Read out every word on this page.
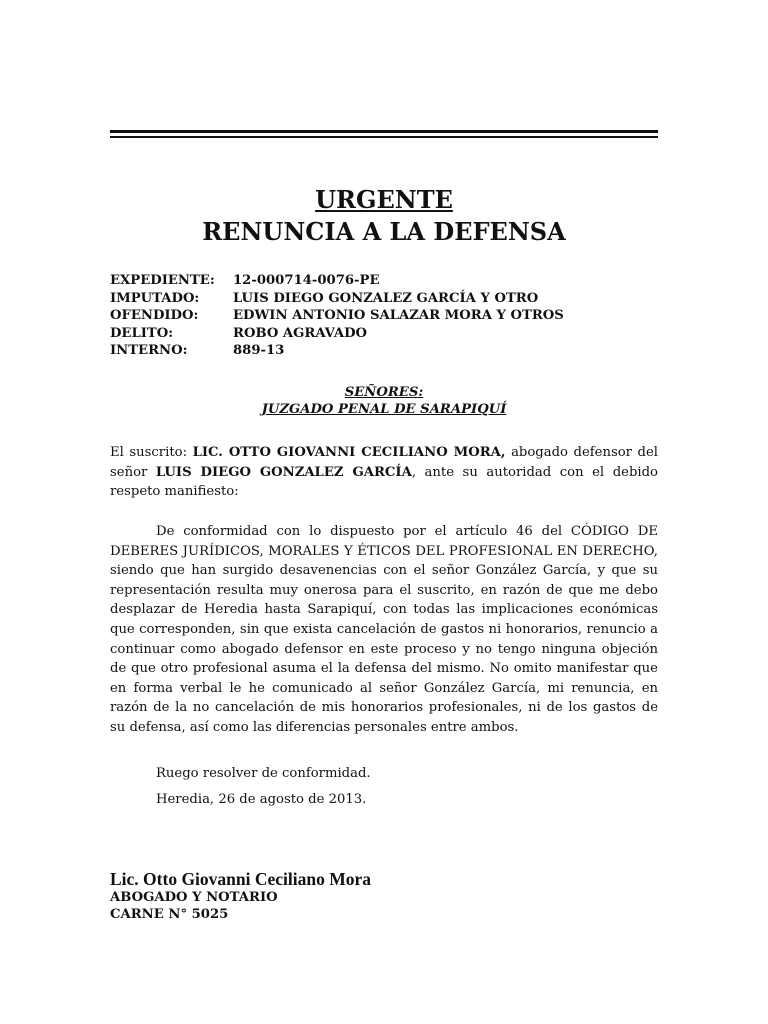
URGENTE
RENUNCIA A LA DEFENSA
EXPEDIENTE: 12-000714-0076-PE
IMPUTADO:	LUIS DIEGO GONZALEZ GARCÍA Y OTRO
OFENDIDO:	EDWIN ANTONIO SALAZAR MORA Y OTROS
DELITO:	ROBO AGRAVADO
INTERNO:	889-13
SEÑORES:
JUZGADO PENAL DE SARAPIQUÍ
El suscrito: LIC. OTTO GIOVANNI CECILIANO MORA, abogado defensor del señor LUIS DIEGO GONZALEZ GARCÍA, ante su autoridad con el debido respeto manifiesto:
De conformidad con lo dispuesto por el artículo 46 del CÓDIGO DE DEBERES JURÍDICOS, MORALES Y ÉTICOS DEL PROFESIONAL EN DERECHO, siendo que han surgido desavenencias con el señor González García, y que su representación resulta muy onerosa para el suscrito, en razón de que me debo desplazar de Heredia hasta Sarapiquí, con todas las implicaciones económicas que corresponden, sin que exista cancelación de gastos ni honorarios, renuncio a continuar como abogado defensor en este proceso y no tengo ninguna objeción de que otro profesional asuma el la defensa del mismo. No omito manifestar que en forma verbal le he comunicado al señor González García, mi renuncia, en razón de la no cancelación de mis honorarios profesionales, ni de los gastos de su defensa, así como las diferencias personales entre ambos.
Ruego resolver de conformidad.
Heredia, 26 de agosto de 2013.
Lic. Otto Giovanni Ceciliano Mora
ABOGADO Y NOTARIO
CARNE N° 5025
